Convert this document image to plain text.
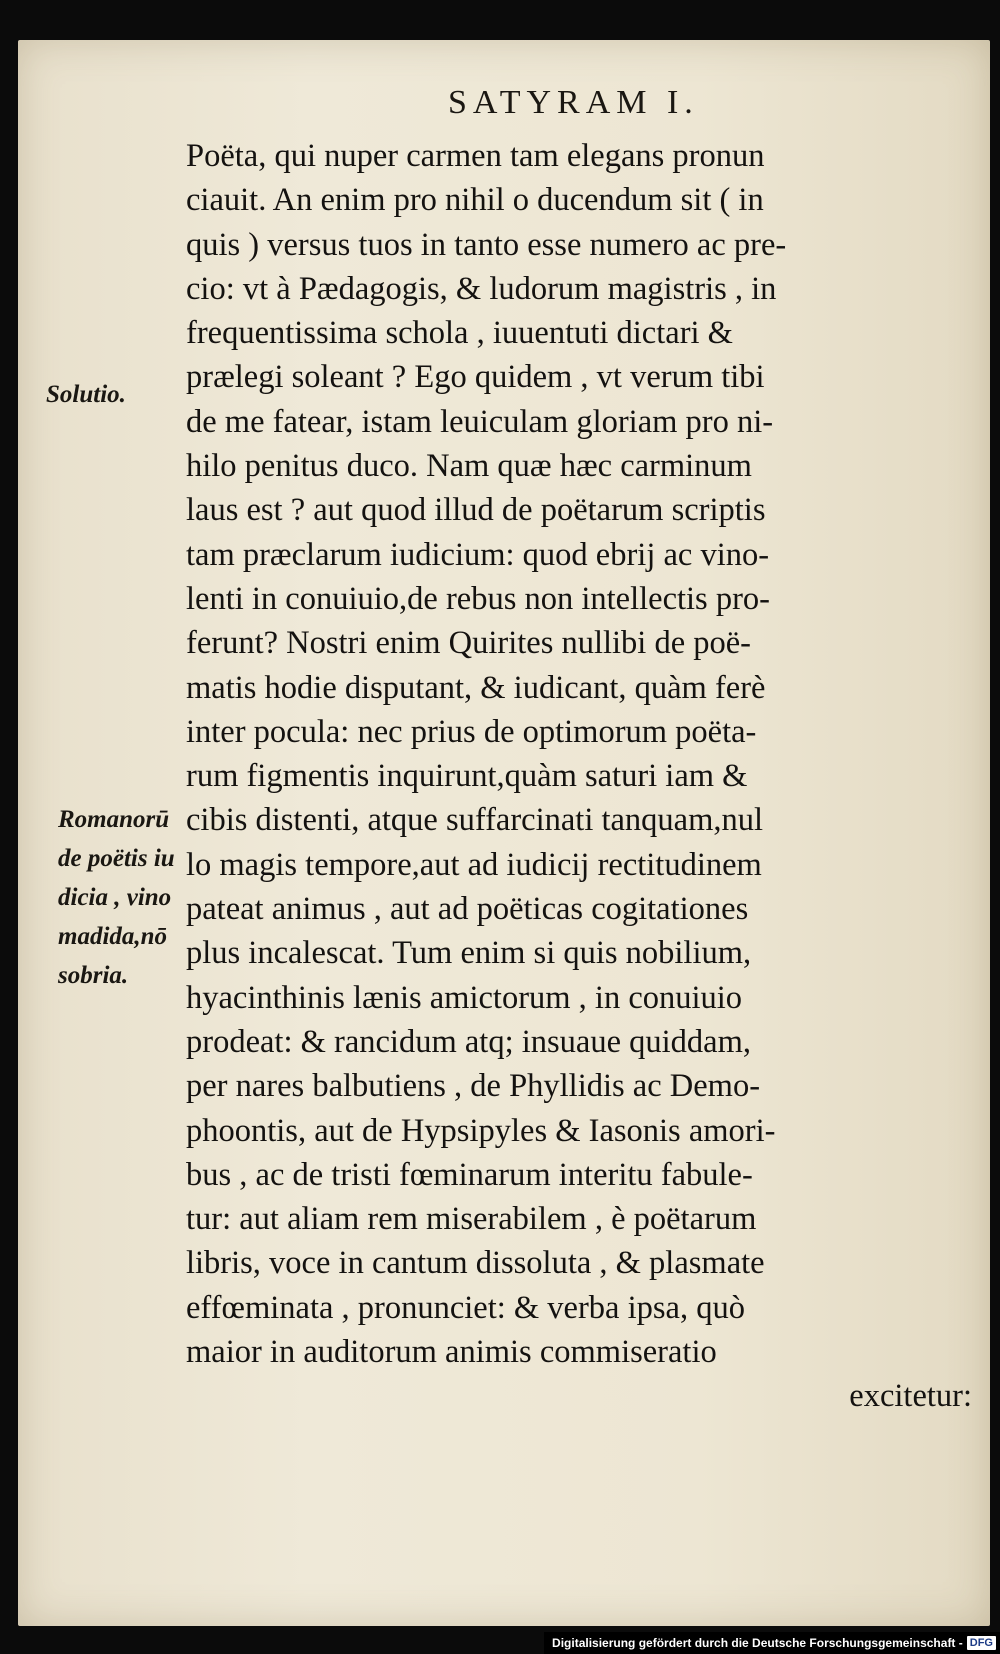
SATYRAM I.
Solutio.
Romanorū
de poëtis iu
dicia , vino
madida,nō
sobria.
Poëta, qui nuper carmen tam elegans pronun
ciauit. An enim pro nihil o ducendum sit ( in
quis ) versus tuos in tanto esse numero ac pre-
cio: vt à Pædagogis, & ludorum magistris , in
frequentissima schola , iuuentuti dictari &
prælegi soleant ? Ego quidem , vt verum tibi
de me fatear, istam leuiculam gloriam pro ni-
hilo penitus duco. Nam quæ hæc carminum
laus est ? aut quod illud de poëtarum scriptis
tam præclarum iudicium: quod ebrij ac vino-
lenti in conuiuio,de rebus non intellectis pro-
ferunt? Nostri enim Quirites nullibi de poë-
matis hodie disputant, & iudicant, quàm ferè
inter pocula: nec prius de optimorum poëta-
rum figmentis inquirunt,quàm saturi iam &
cibis distenti, atque suffarcinati tanquam,nul
lo magis tempore,aut ad iudicij rectitudinem
pateat animus , aut ad poëticas cogitationes
plus incalescat. Tum enim si quis nobilium,
hyacinthinis lænis amictorum , in conuiuio
prodeat: & rancidum atq; insuaue quiddam,
per nares balbutiens , de Phyllidis ac Demo-
phoontis, aut de Hypsipyles & Iasonis amori-
bus , ac de tristi fœminarum interitu fabule-
tur: aut aliam rem miserabilem , è poëtarum
libris, voce in cantum dissoluta , & plasmate
effœminata , pronunciet: & verba ipsa, quò
maior in auditorum animis commiseratio
excitetur:
Digitalisierung gefördert durch die Deutsche Forschungsgemeinschaft - DFG
